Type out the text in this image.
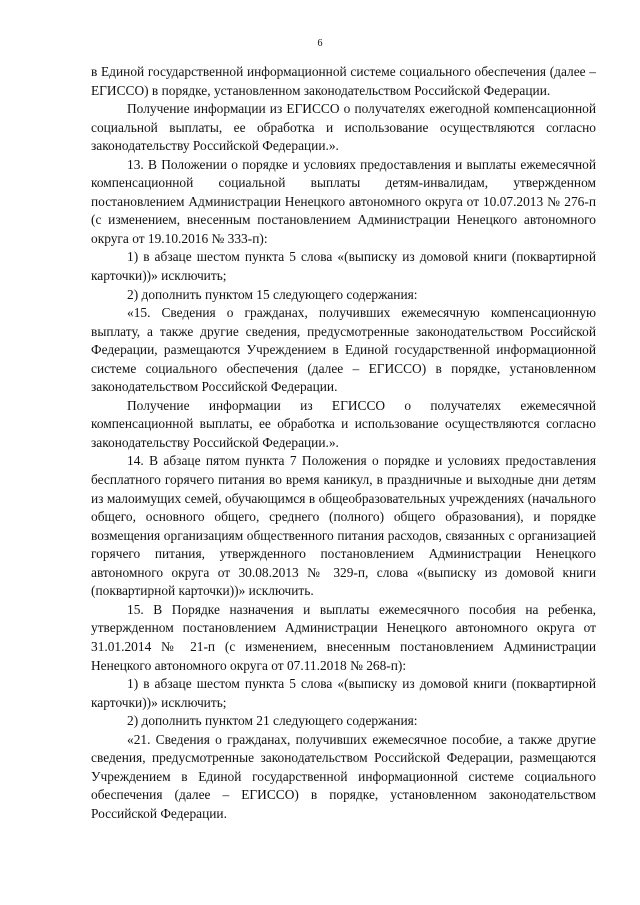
6

в Единой государственной информационной системе социального обеспечения (далее – ЕГИССО) в порядке, установленном законодательством Российской Федерации.

Получение информации из ЕГИССО о получателях ежегодной компенсационной социальной выплаты, ее обработка и использование осуществляются согласно законодательству Российской Федерации.».

13. В Положении о порядке и условиях предоставления и выплаты ежемесячной компенсационной социальной выплаты детям-инвалидам, утвержденном постановлением Администрации Ненецкого автономного округа от 10.07.2013 № 276-п (с изменением, внесенным постановлением Администрации Ненецкого автономного округа от 19.10.2016 № 333-п):

1) в абзаце шестом пункта 5 слова «(выписку из домовой книги (поквартирной карточки))» исключить;

2) дополнить пунктом 15 следующего содержания:

«15. Сведения о гражданах, получивших ежемесячную компенсационную выплату, а также другие сведения, предусмотренные законодательством Российской Федерации, размещаются Учреждением в Единой государственной информационной системе социального обеспечения (далее – ЕГИССО) в порядке, установленном законодательством Российской Федерации.

Получение информации из ЕГИССО о получателях ежемесячной компенсационной выплаты, ее обработка и использование осуществляются согласно законодательству Российской Федерации.».

14. В абзаце пятом пункта 7 Положения о порядке и условиях предоставления бесплатного горячего питания во время каникул, в праздничные и выходные дни детям из малоимущих семей, обучающимся в общеобразовательных учреждениях (начального общего, основного общего, среднего (полного) общего образования), и порядке возмещения организациям общественного питания расходов, связанных с организацией горячего питания, утвержденного постановлением Администрации Ненецкого автономного округа от 30.08.2013 № 329-п, слова «(выписку из домовой книги (поквартирной карточки))» исключить.

15. В Порядке назначения и выплаты ежемесячного пособия на ребенка, утвержденном постановлением Администрации Ненецкого автономного округа от 31.01.2014 № 21-п (с изменением, внесенным постановлением Администрации Ненецкого автономного округа от 07.11.2018 № 268-п):

1) в абзаце шестом пункта 5 слова «(выписку из домовой книги (поквартирной карточки))» исключить;

2) дополнить пунктом 21 следующего содержания:

«21. Сведения о гражданах, получивших ежемесячное пособие, а также другие сведения, предусмотренные законодательством Российской Федерации, размещаются Учреждением в Единой государственной информационной системе социального обеспечения (далее – ЕГИССО) в порядке, установленном законодательством Российской Федерации.
